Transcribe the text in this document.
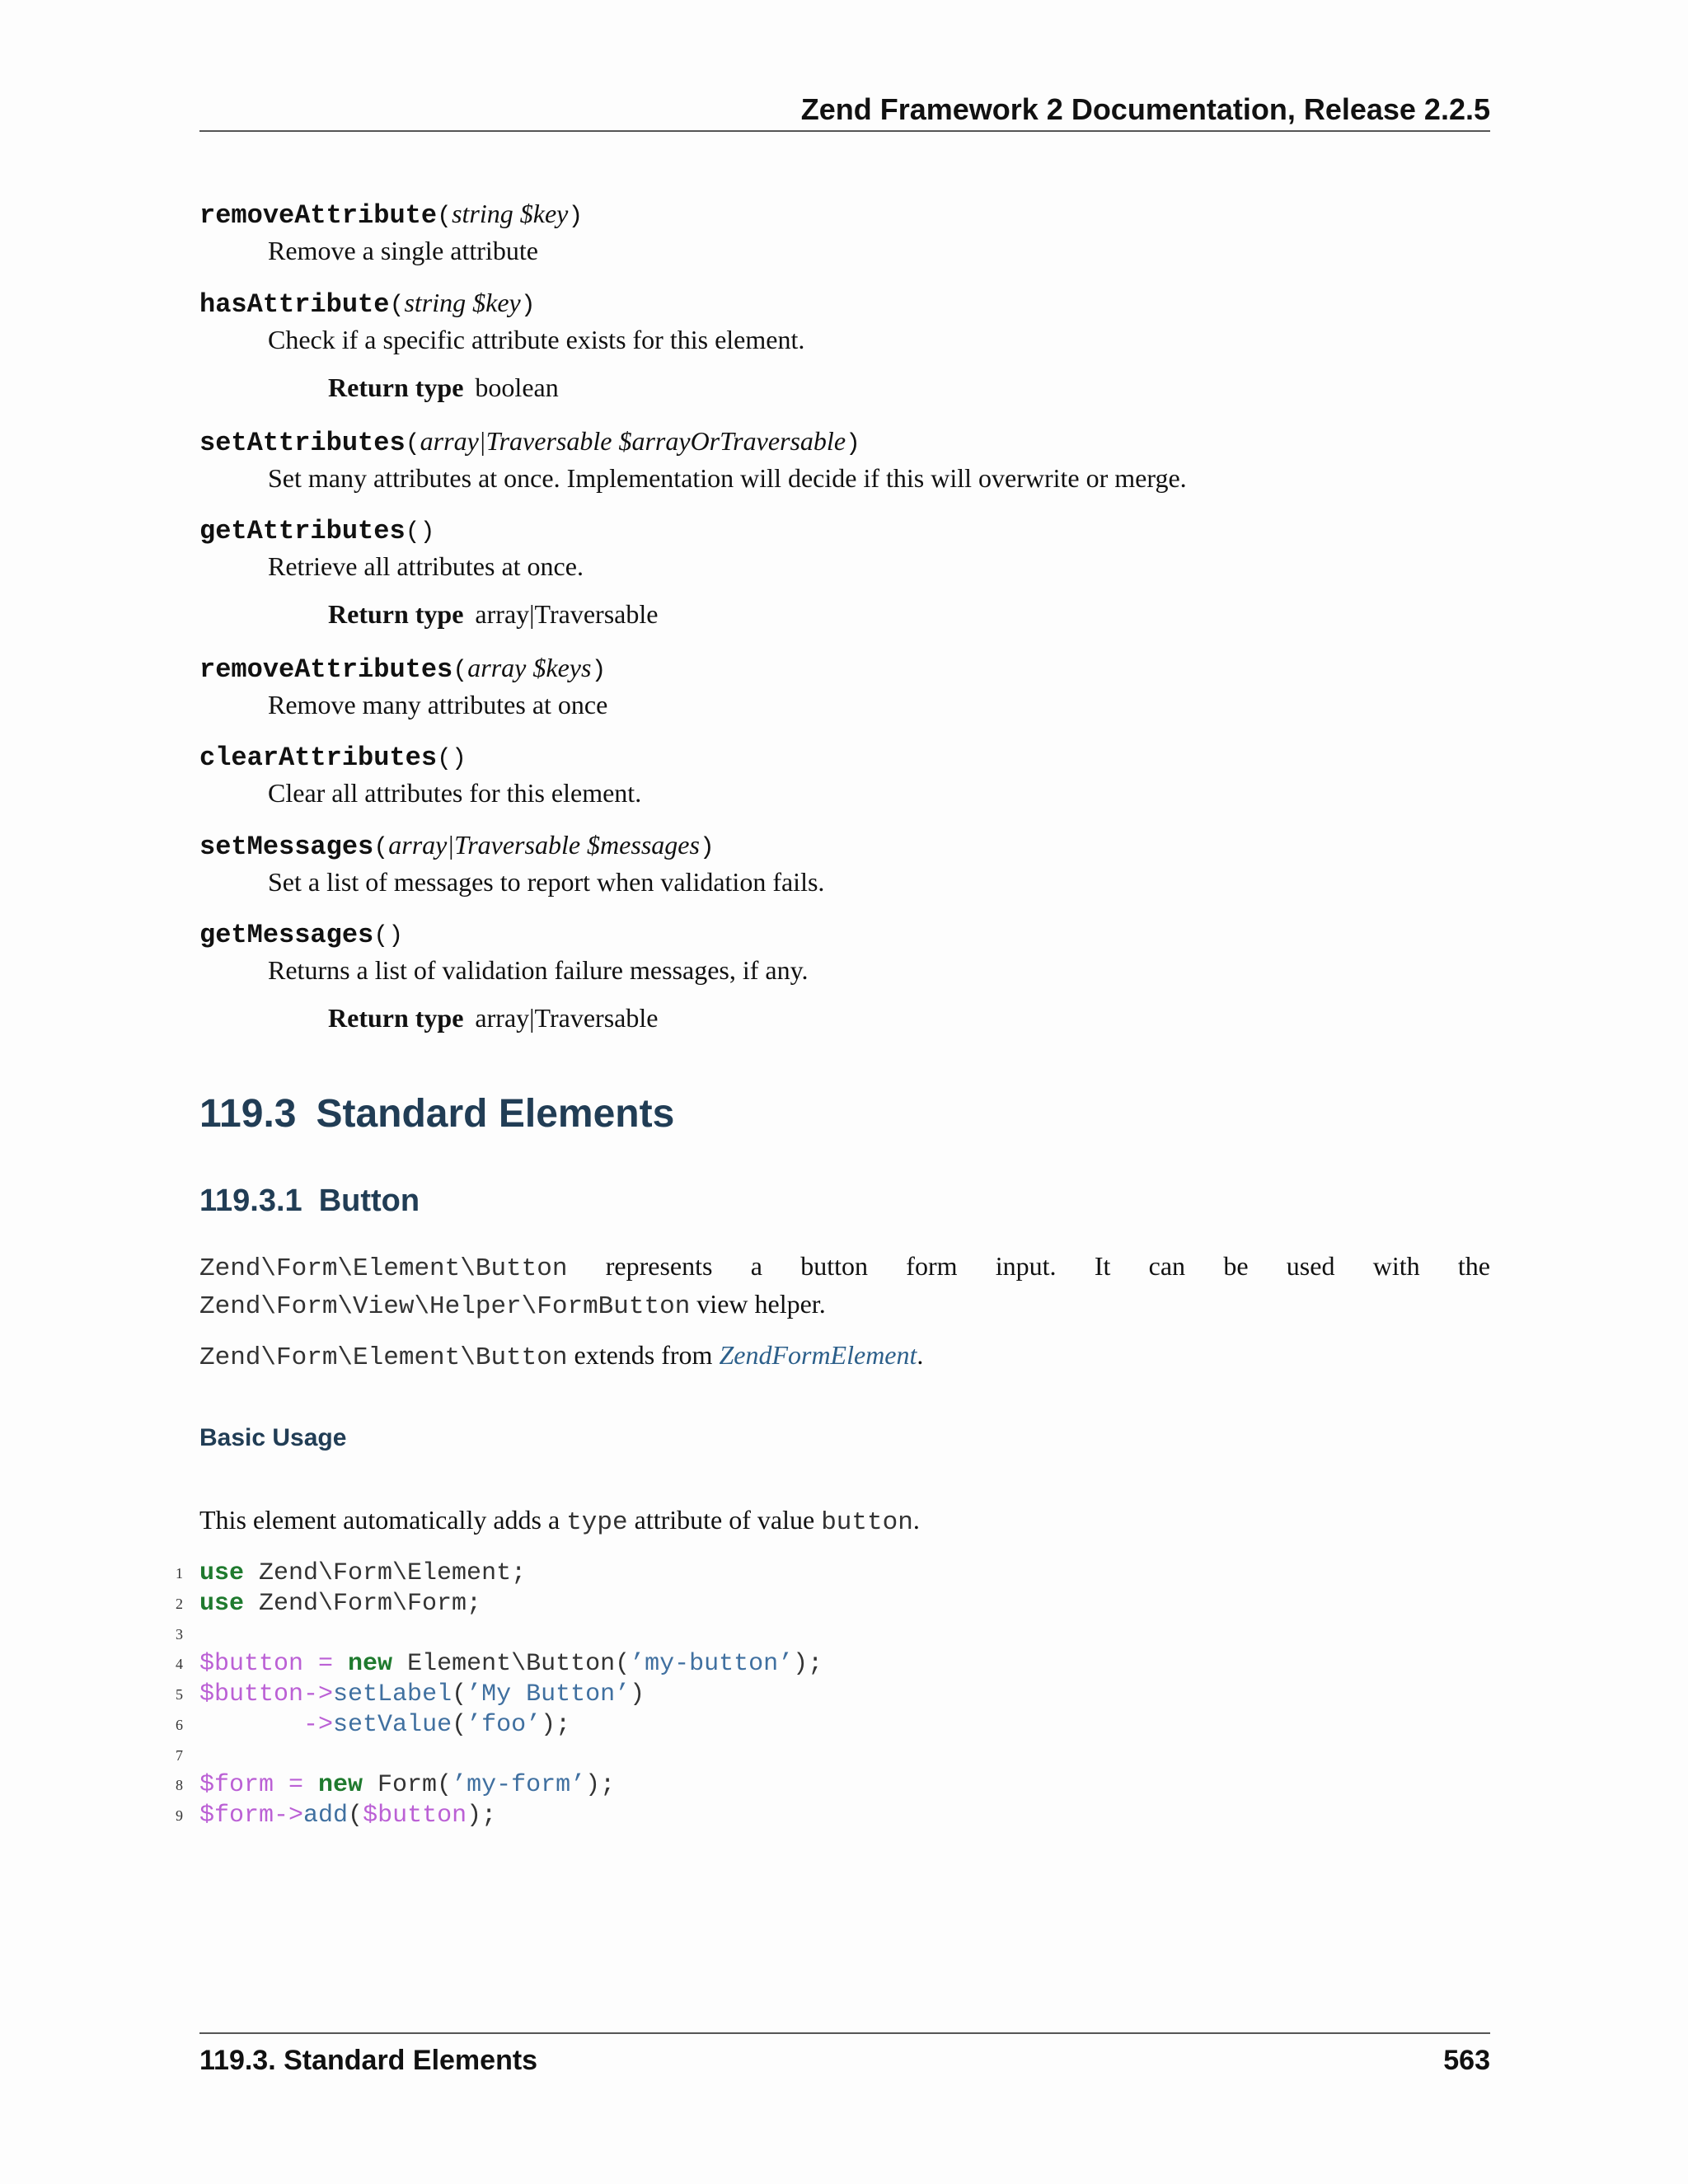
Zend Framework 2 Documentation, Release 2.2.5
removeAttribute(string $key)
Remove a single attribute
hasAttribute(string $key)
Check if a specific attribute exists for this element.
Return type boolean
setAttributes(array|Traversable $arrayOrTraversable)
Set many attributes at once. Implementation will decide if this will overwrite or merge.
getAttributes()
Retrieve all attributes at once.
Return type array|Traversable
removeAttributes(array $keys)
Remove many attributes at once
clearAttributes()
Clear all attributes for this element.
setMessages(array|Traversable $messages)
Set a list of messages to report when validation fails.
getMessages()
Returns a list of validation failure messages, if any.
Return type array|Traversable
119.3 Standard Elements
119.3.1 Button

Zend\Form\Element\Button represents a button form input. It can be used with the Zend\Form\View\Helper\FormButton view helper.

Zend\Form\Element\Button extends from ZendFormElement.

Basic Usage

This element automatically adds a type attribute of value button.

1 use Zend\Form\Element;
2 use Zend\Form\Form;
3
4 $button = new Element\Button(’my-button’);
5 $button->setLabel(’My Button’)
6	->setValue(’foo’);
7
8 $form = new Form(’my-form’);
9 $form->add($button);
119.3. Standard Elements	563
